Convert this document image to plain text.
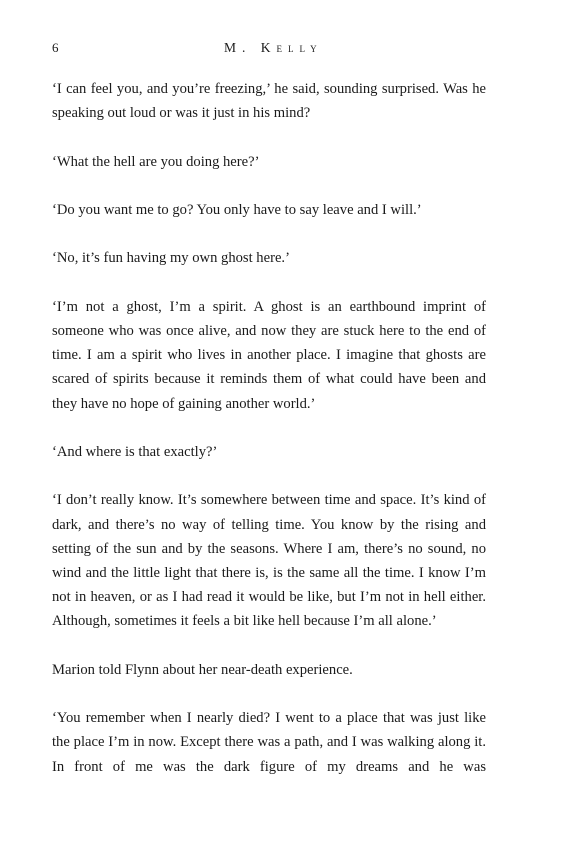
6	M. Kelly

‘I can feel you, and you’re freezing,’ he said, sounding surprised. Was he speaking out loud or was it just in his mind?

‘What the hell are you doing here?’

‘Do you want me to go? You only have to say leave and I will.’

‘No, it’s fun having my own ghost here.’

‘I’m not a ghost, I’m a spirit. A ghost is an earthbound imprint of someone who was once alive, and now they are stuck here to the end of time. I am a spirit who lives in another place. I imagine that ghosts are scared of spirits because it reminds them of what could have been and they have no hope of gaining another world.’

‘And where is that exactly?’

‘I don’t really know. It’s somewhere between time and space. It’s kind of dark, and there’s no way of telling time. You know by the rising and setting of the sun and by the seasons. Where I am, there’s no sound, no wind and the little light that there is, is the same all the time. I know I’m not in heaven, or as I had read it would be like, but I’m not in hell either. Although, sometimes it feels a bit like hell because I’m all alone.’

Marion told Flynn about her near-death experience.

‘You remember when I nearly died? I went to a place that was just like the place I’m in now. Except there was a path, and I was walking along it. In front of me was the dark figure of my dreams and he was
